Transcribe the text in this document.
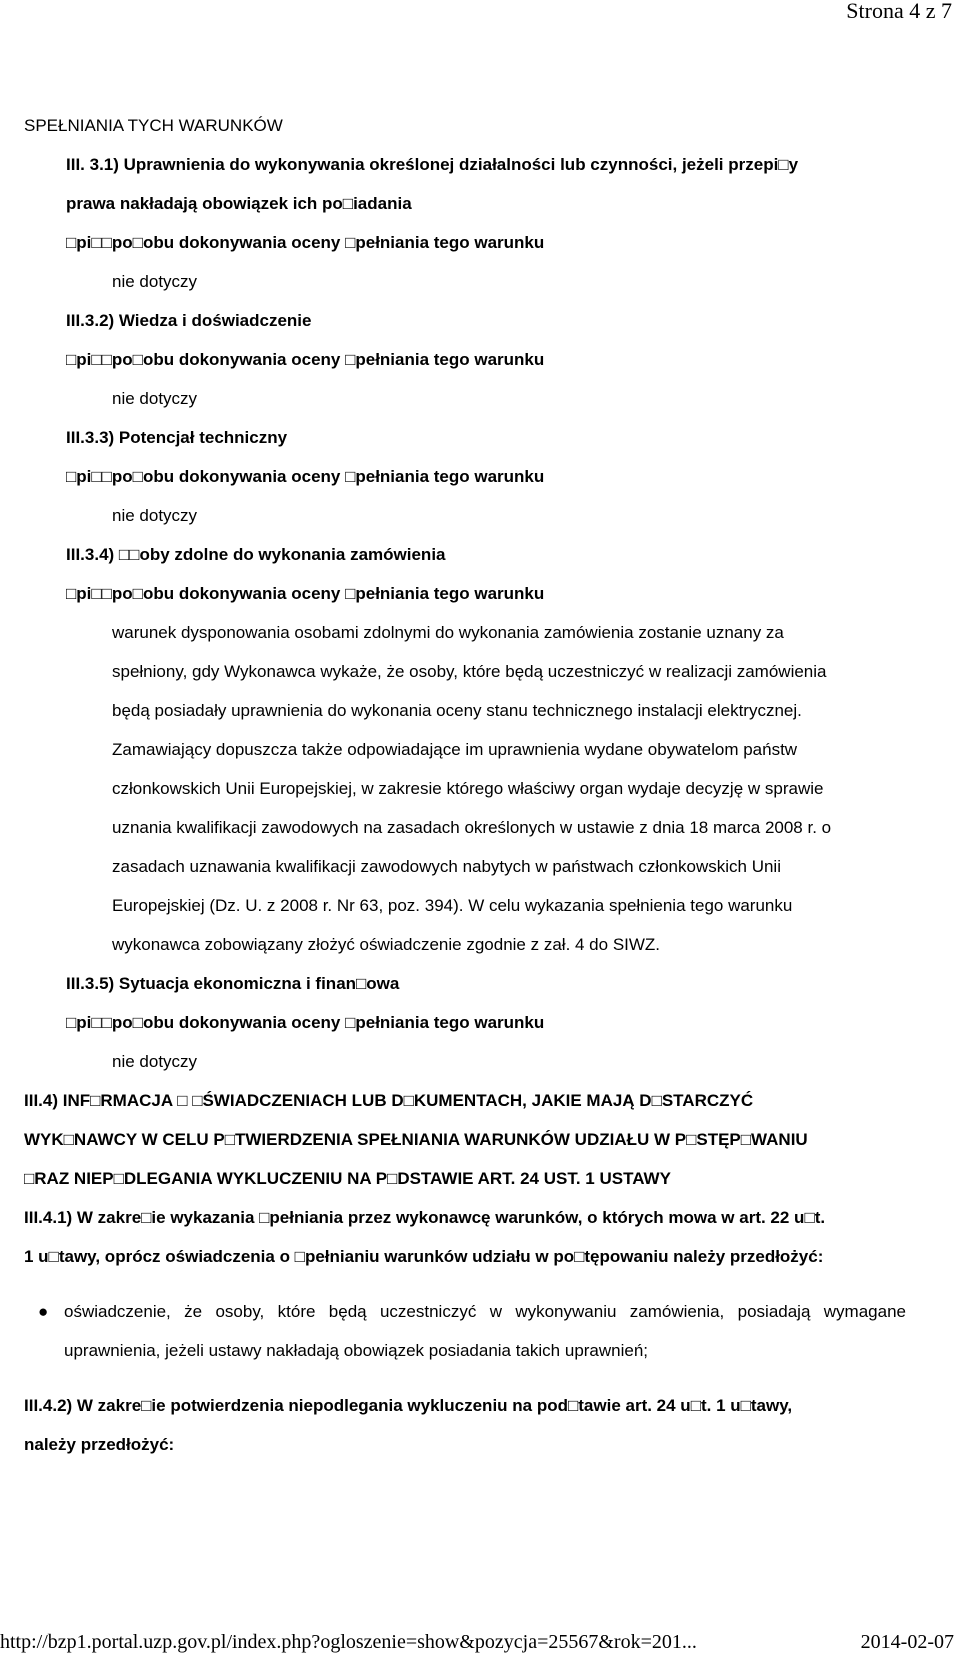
Strona 4 z 7
SPEŁNIANIA TYCH WARUNKÓW
III. 3.1) Uprawnienia do wykonywania określonej działalności lub czynności, jeżeli przepi□y
prawa nakładają obowiązek ich po□iadania
□pi□□po□obu dokonywania oceny □pełniania tego warunku
nie dotyczy
III.3.2) Wiedza i doświadczenie
□pi□□po□obu dokonywania oceny □pełniania tego warunku
nie dotyczy
III.3.3) Potencjał techniczny
□pi□□po□obu dokonywania oceny □pełniania tego warunku
nie dotyczy
III.3.4) □□oby zdolne do wykonania zamówienia
□pi□□po□obu dokonywania oceny □pełniania tego warunku
warunek dysponowania osobami zdolnymi do wykonania zamówienia zostanie uznany za
spełniony, gdy Wykonawca wykaże, że osoby, które będą uczestniczyć w realizacji zamówienia
będą posiadały uprawnienia do wykonania oceny stanu technicznego instalacji elektrycznej.
Zamawiający dopuszcza także odpowiadające im uprawnienia wydane obywatelom państw
członkowskich Unii Europejskiej, w zakresie którego właściwy organ wydaje decyzję w sprawie
uznania kwalifikacji zawodowych na zasadach określonych w ustawie z dnia 18 marca 2008 r. o
zasadach uznawania kwalifikacji zawodowych nabytych w państwach członkowskich Unii
Europejskiej (Dz. U. z 2008 r. Nr 63, poz. 394). W celu wykazania spełnienia tego warunku
wykonawca zobowiązany złożyć oświadczenie zgodnie z zał. 4 do SIWZ.
III.3.5) Sytuacja ekonomiczna i finan□owa
□pi□□po□obu dokonywania oceny □pełniania tego warunku
nie dotyczy
III.4) INF□RMACJA □ □ŚWIADCZENIACH LUB D□KUMENTACH, JAKIE MAJĄ D□STARCZYĆ
WYK□NAWCY W CELU P□TWIERDZENIA SPEŁNIANIA WARUNKÓW UDZIAŁU W P□STĘP□WANIU
□RAZ NIEP□DLEGANIA WYKLUCZENIU NA P□DSTAWIE ART. 24 UST. 1 USTAWY
III.4.1) W zakre□ie wykazania □pełniania przez wykonawcę warunków, o których mowa w art. 22 u□t.
1 u□tawy, oprócz oświadczenia o □pełnianiu warunków udziału w po□tępowaniu należy przedłożyć:
● oświadczenie, że osoby, które będą uczestniczyć w wykonywaniu zamówienia, posiadają wymagane uprawnienia, jeżeli ustawy nakładają obowiązek posiadania takich uprawnień;
III.4.2) W zakre□ie potwierdzenia niepodlegania wykluczeniu na pod□tawie art. 24 u□t. 1 u□tawy,
należy przedłożyć:
http://bzp1.portal.uzp.gov.pl/index.php?ogloszenie=show&pozycja=25567&rok=201...	2014-02-07
